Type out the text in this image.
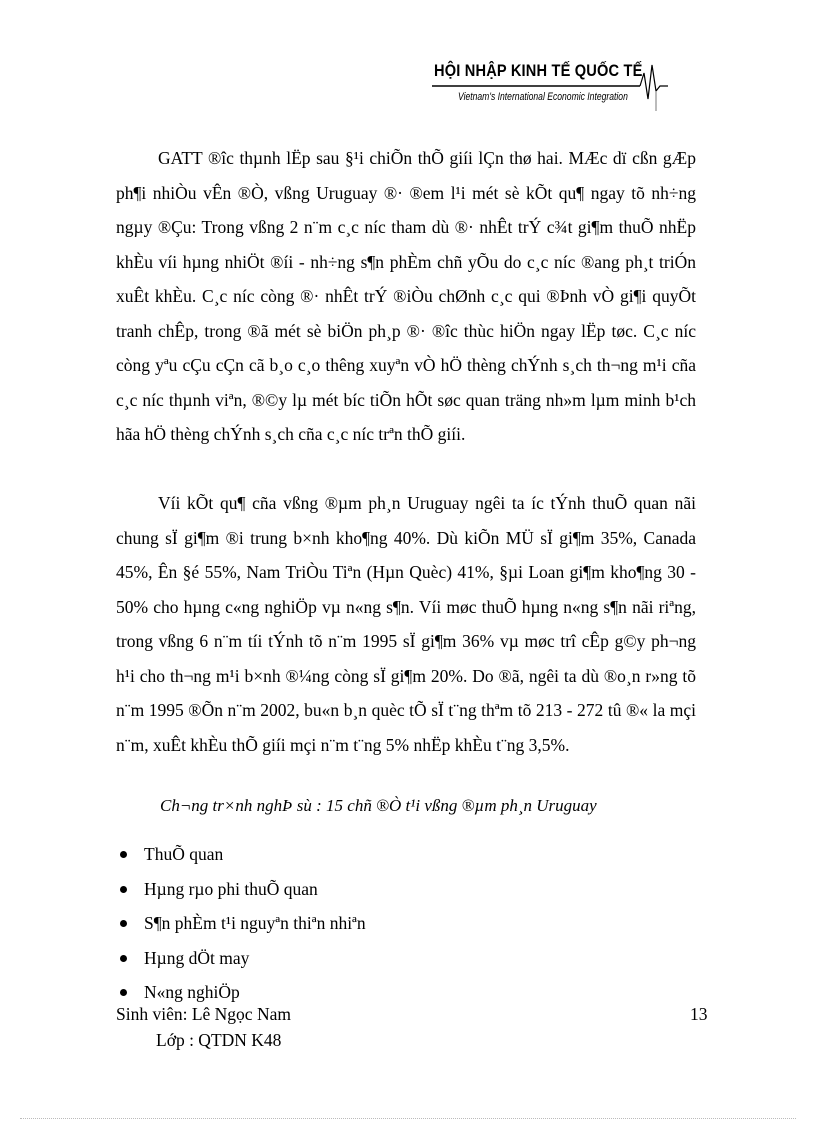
HỘI NHẬP KINH TẾ QUỐC TẾ
Vietnam's International Economic Integration

GATT ®îc thµnh lËp sau §¹i chiÕn thÕ giíi lÇn thø hai. MÆc dï cßn gÆp ph¶i nhiÒu vÊn ®Ò, vßng Uruguay ®· ®em l¹i mét sè kÕt qu¶ ngay tõ nh÷ng ngµy ®Çu: Trong vßng 2 n¨m c¸c níc tham dù ®· nhÊt trÝ c¾t gi¶m thuÕ nhËp khÈu víi hµng nhiÖt ®íi - nh÷ng s¶n phÈm chñ yÕu do c¸c níc ®ang ph¸t triÓn xuÊt khÈu. C¸c níc còng ®· nhÊt trÝ ®iÒu chØnh c¸c qui ®Þnh vÒ gi¶i quyÕt tranh chÊp, trong ®ã mét sè biÖn ph¸p ®· ®îc thùc hiÖn ngay lËp tøc. C¸c níc còng yªu cÇu cÇn cã b¸o c¸o thêng xuyªn vÒ hÖ thèng chÝnh s¸ch th¬ng m¹i cña c¸c níc thµnh viªn, ®©y lµ mét bíc tiÕn hÕt søc quan träng nh»m lµm minh b¹ch hãa hÖ thèng chÝnh s¸ch cña c¸c níc trªn thÕ giíi.

Víi kÕt qu¶ cña vßng ®µm ph¸n Uruguay ngêi ta íc tÝnh thuÕ quan nãi chung sÏ gi¶m ®i trung b×nh kho¶ng 40%. Dù kiÕn MÜ sÏ gi¶m 35%, Canada 45%, Ên §é 55%, Nam TriÒu Tiªn (Hµn Quèc) 41%, §µi Loan gi¶m kho¶ng 30 - 50% cho hµng c«ng nghiÖp vµ n«ng s¶n. Víi møc thuÕ hµng n«ng s¶n nãi riªng, trong vßng 6 n¨m tíi tÝnh tõ n¨m 1995 sÏ gi¶m 36% vµ møc trî cÊp g©y ph¬ng h¹i cho th¬ng m¹i b×nh ®¼ng còng sÏ gi¶m 20%. Do ®ã, ngêi ta dù ®o¸n r»ng tõ n¨m 1995 ®Õn n¨m 2002, bu«n b¸n quèc tÕ sÏ t¨ng thªm tõ 213 - 272 tû ®« la mçi n¨m, xuÊt khÈu thÕ giíi mçi n¨m t¨ng 5% nhËp khÈu t¨ng 3,5%.

Ch¬ng tr×nh nghÞ sù : 15 chñ ®Ò t¹i vßng ®µm ph¸n Uruguay

ThuÕ quan
Hµng rµo phi thuÕ quan
S¶n phÈm t¹i nguyªn thiªn nhiªn
Hµng dÖt may
N«ng nghiÖp
Sinh viên: Lê Ngọc Nam
Lớp : QTDN K48
13
